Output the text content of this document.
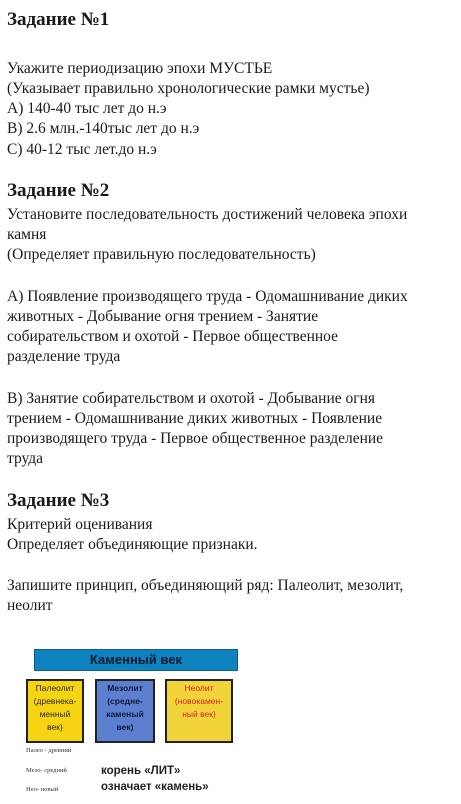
Задание №1

Укажите периодизацию эпохи МУСТЬЕ

(Указывает правильно хронологические рамки мустье)

А) 140-40 тыс лет до н.э

В) 2.6 млн.-140тыс лет до н.э

С) 40-12 тыс лет.до н.э

Задание №2

Установите последовательность достижений человека эпохи

камня

(Определяет правильную последовательность)

А) Появление производящего труда - Одомашнивание диких

животных - Добывание огня трением - Занятие

собирательством и охотой - Первое общественное

разделение труда

В) Занятие собирательством и охотой - Добывание огня

трением - Одомашнивание диких животных - Появление

производящего труда - Первое общественное разделение

труда

Задание №3

Критерий оценивания

Определяет объединяющие признаки.

Запишите принцип, объединяющий ряд: Палеолит, мезолит,

неолит

Каменный век
Палеолит
(древнека-
менный
век)
Мезолит
(средне-
каменый
век)
Неолит
(новокамен-
ный век)
Палео - древний
Мезо- средний
Нео- новый
корень «ЛИТ»
означает «камень»
